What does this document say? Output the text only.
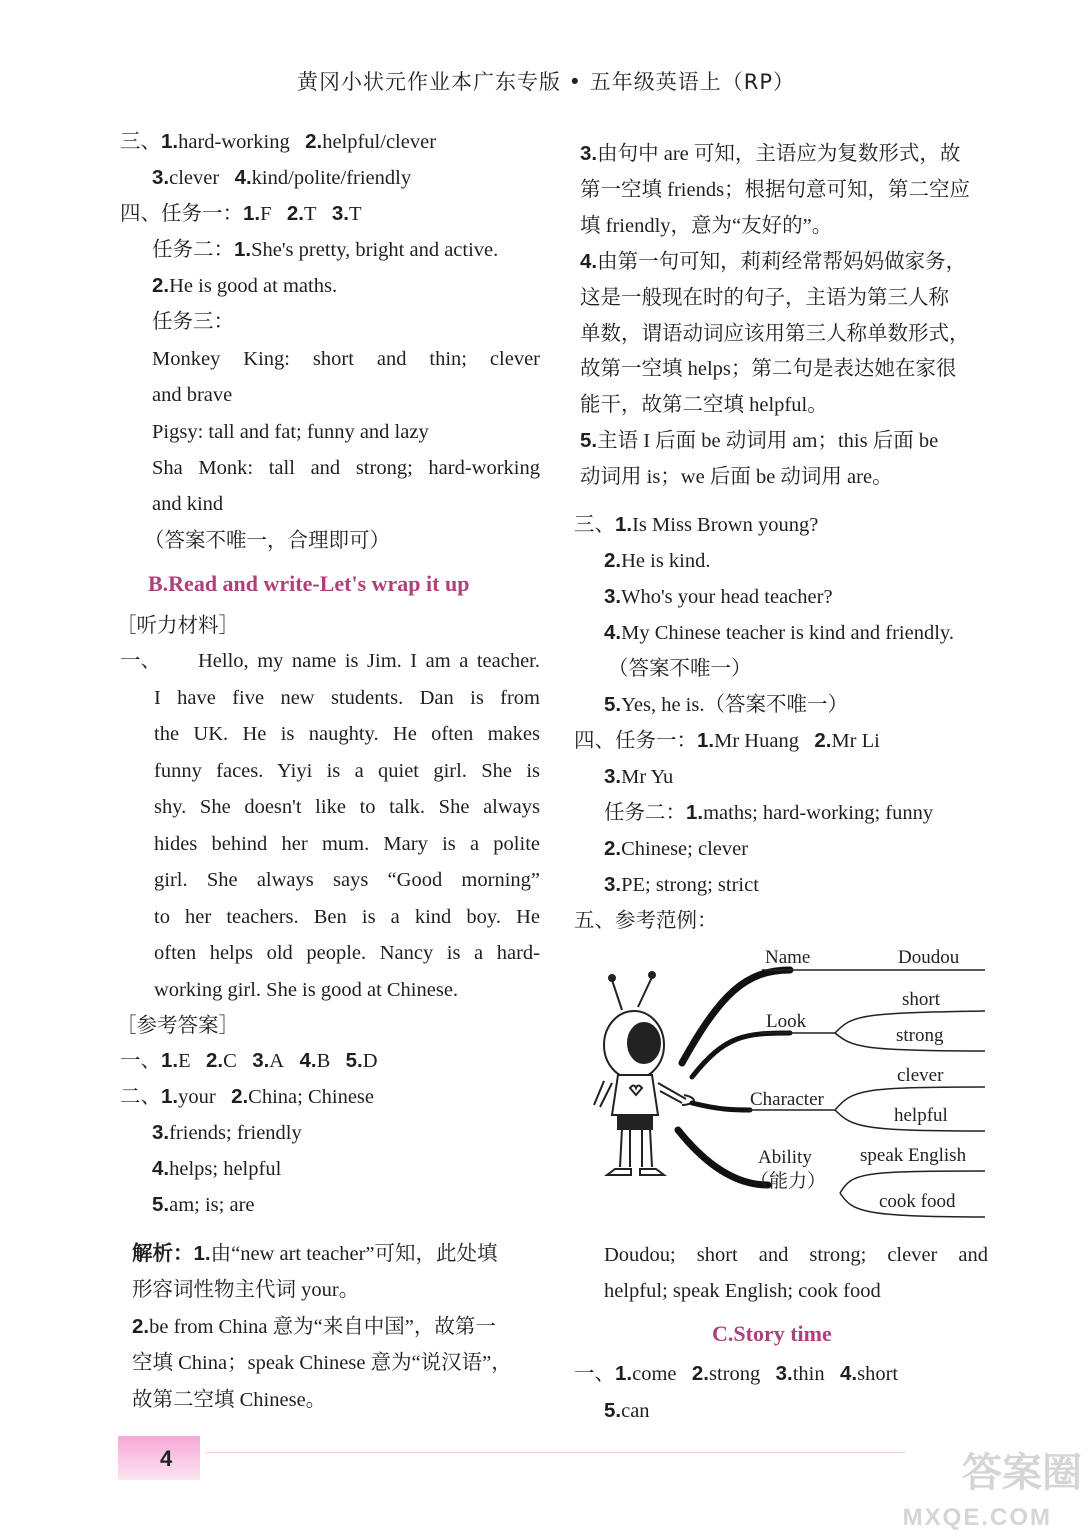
黄冈小状元作业本广东专版 • 五年级英语上（RP）
三、1.hard-working 2.helpful/clever
3.clever 4.kind/polite/friendly
四、任务一：1.F 2.T 3.T
任务二：1.She's pretty, bright and active.
2.He is good at maths.
任务三：
Monkey King: short and thin; clever
and brave
Pigsy: tall and fat; funny and lazy
Sha Monk: tall and strong; hard-working
and kind
（答案不唯一，合理即可）
B.Read and write-Let's wrap it up
［听力材料］
一、 Hello, my name is Jim. I am a teacher.
I have five new students. Dan is from
the UK. He is naughty. He often makes
funny faces. Yiyi is a quiet girl. She is
shy. She doesn't like to talk. She always
hides behind her mum. Mary is a polite
girl. She always says “Good morning”
to her teachers. Ben is a kind boy. He
often helps old people. Nancy is a hard-
working girl. She is good at Chinese.
［参考答案］
一、1.E 2.C 3.A 4.B 5.D
二、1.your 2.China; Chinese
3.friends; friendly
4.helps; helpful
5.am; is; are
解析：1.由“new art teacher”可知，此处填
形容词性物主代词 your。
2.be from China 意为“来自中国”，故第一
空填 China；speak Chinese 意为“说汉语”，
故第二空填 Chinese。
3.由句中 are 可知，主语应为复数形式，故
第一空填 friends；根据句意可知，第二空应
填 friendly，意为“友好的”。
4.由第一句可知，莉莉经常帮妈妈做家务，
这是一般现在时的句子，主语为第三人称
单数，谓语动词应该用第三人称单数形式，
故第一空填 helps；第二句是表达她在家很
能干，故第二空填 helpful。
5.主语 I 后面 be 动词用 am；this 后面 be
动词用 is；we 后面 be 动词用 are。
三、1.Is Miss Brown young?
2.He is kind.
3.Who's your head teacher?
4.My Chinese teacher is kind and friendly.
（答案不唯一）
5.Yes, he is.（答案不唯一）
四、任务一：1.Mr Huang 2.Mr Li
3.Mr Yu
任务二：1.maths; hard-working; funny
2.Chinese; clever
3.PE; strong; strict
五、参考范例：
Name	Doudou
Look
short
strong
Character
clever
helpful
Ability
（能力）
speak English
cook food
Doudou; short and strong; clever and
helpful; speak English; cook food
C.Story time
一、1.come 2.strong 3.thin 4.short
5.can
4	答案圈
MXQE.COM
